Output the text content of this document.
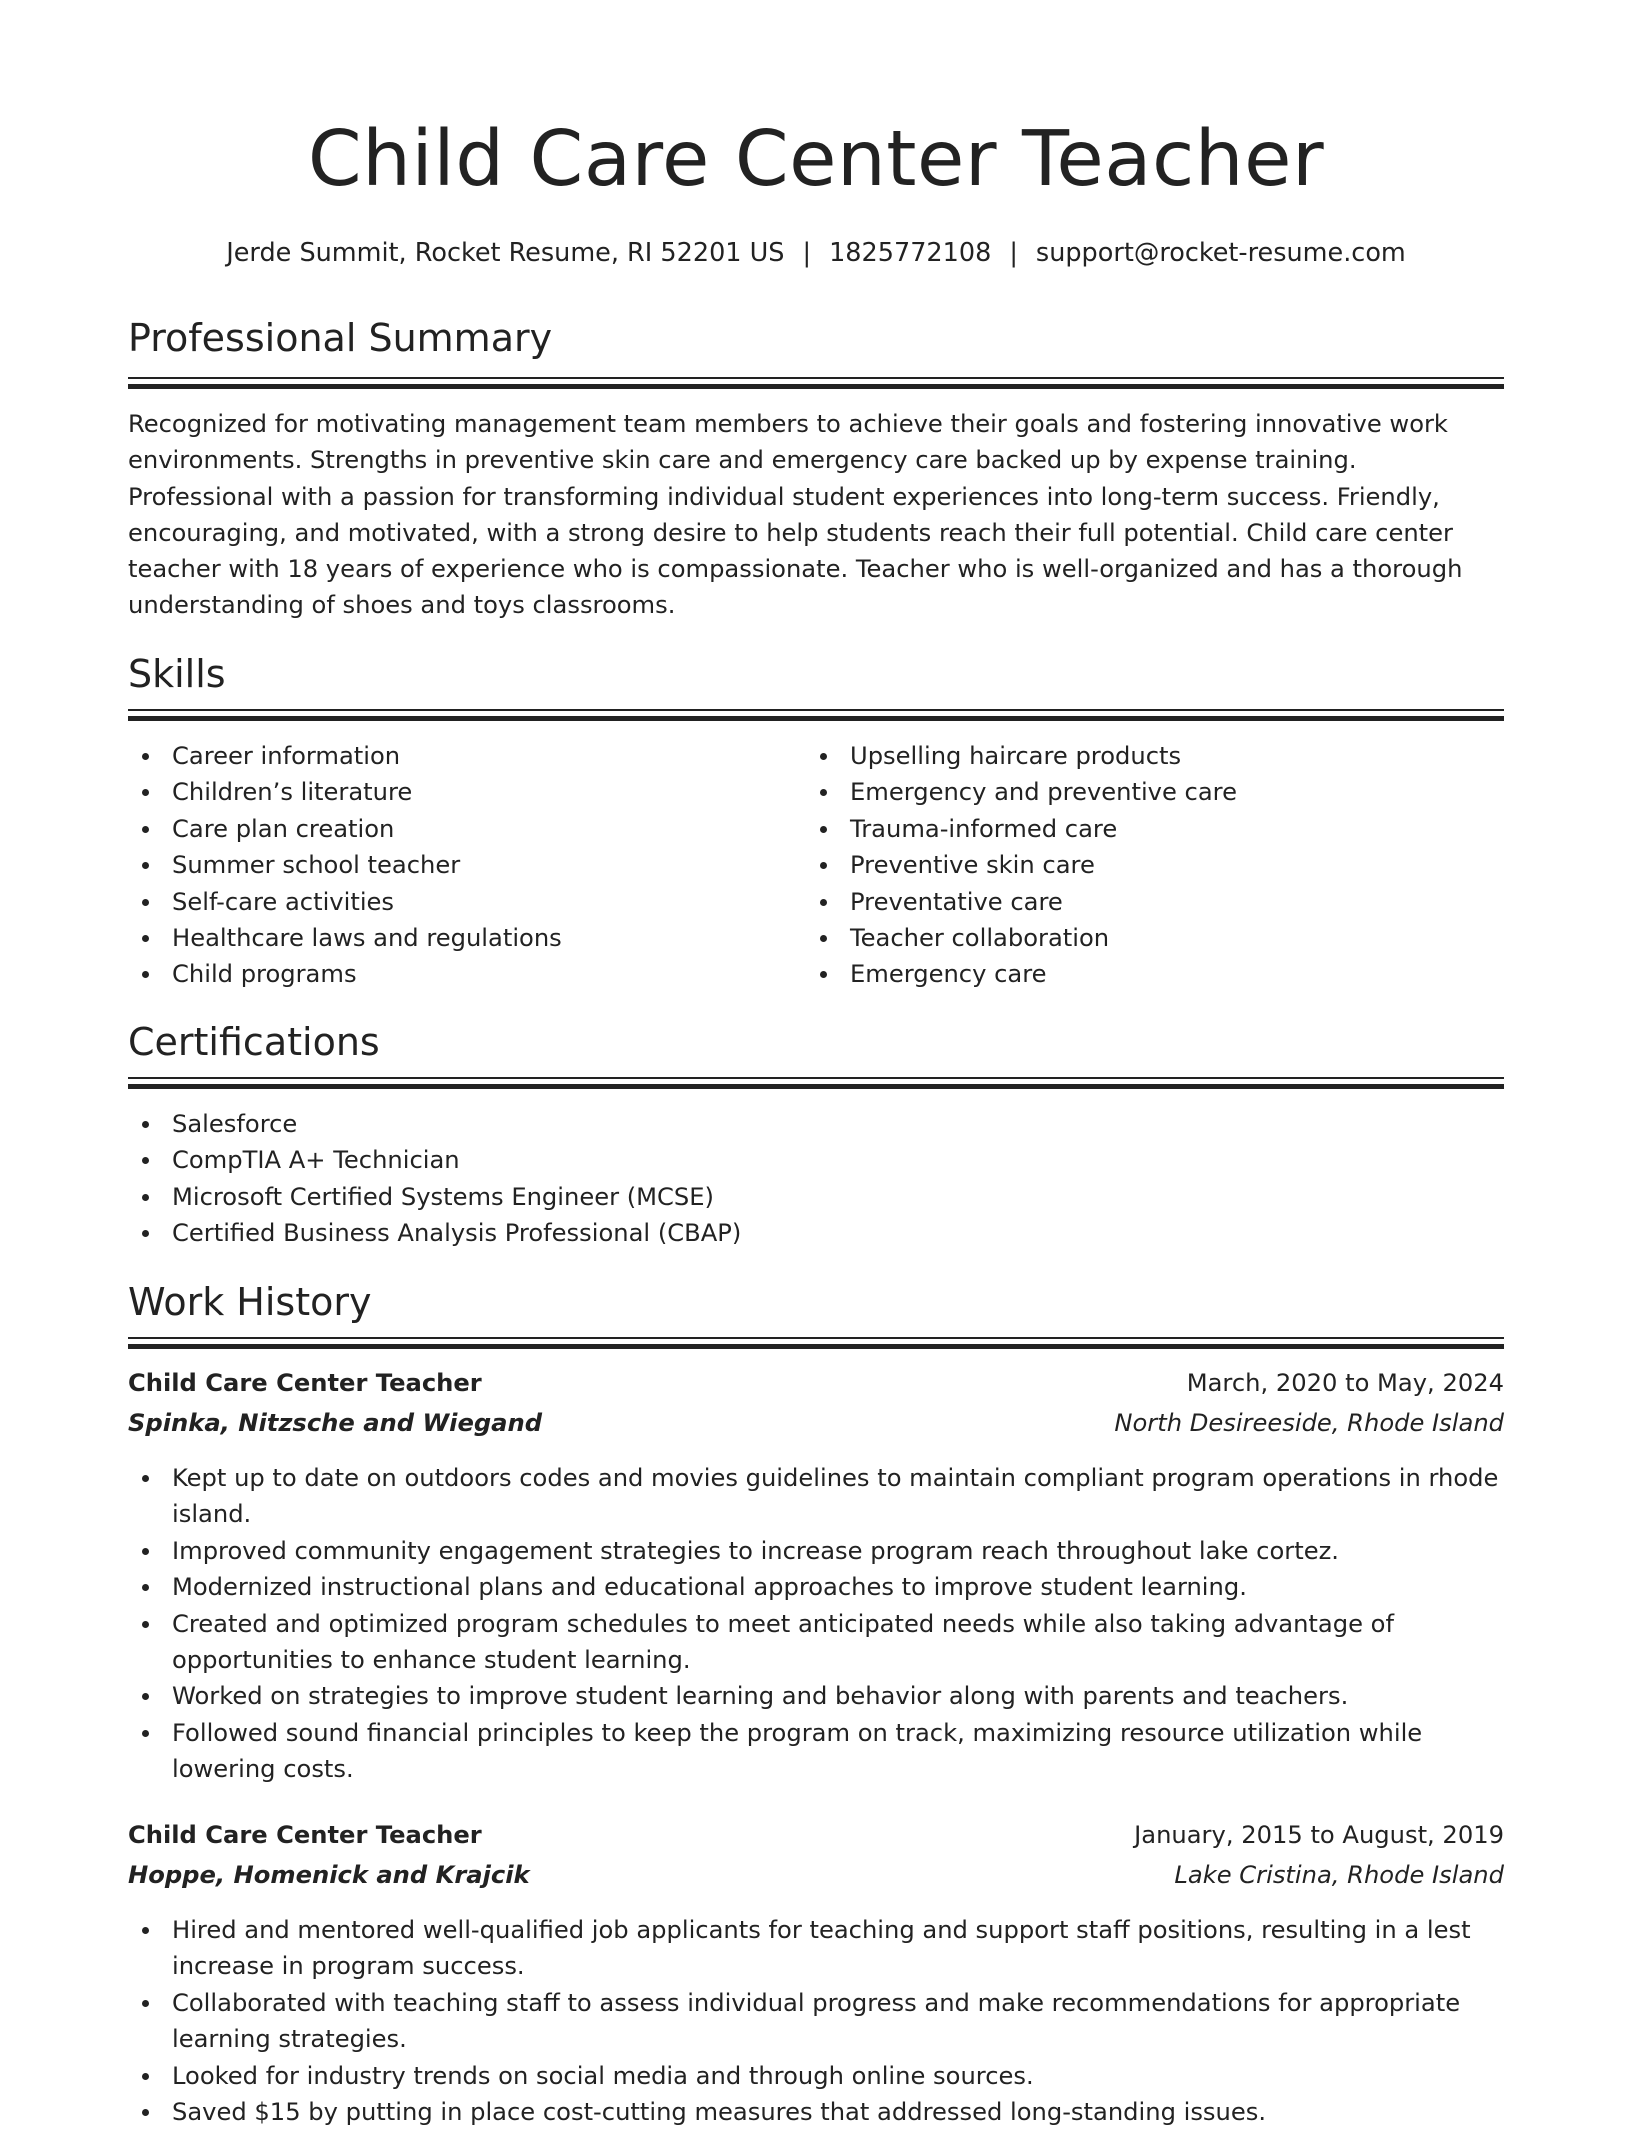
Child Care Center Teacher
Jerde Summit, Rocket Resume, RI 52201 US | 1825772108 | support@rocket-resume.com
Professional Summary

Recognized for motivating management team members to achieve their goals and fostering innovative work environments. Strengths in preventive skin care and emergency care backed up by expense training. Professional with a passion for transforming individual student experiences into long-term success. Friendly, encouraging, and motivated, with a strong desire to help students reach their full potential. Child care center teacher with 18 years of experience who is compassionate. Teacher who is well-organized and has a thorough understanding of shoes and toys classrooms.

Skills
Career information
Children’s literature
Care plan creation
Summer school teacher
Self-care activities
Healthcare laws and regulations
Child programs
Upselling haircare products
Emergency and preventive care
Trauma-informed care
Preventive skin care
Preventative care
Teacher collaboration
Emergency care
Certifications
Salesforce
CompTIA A+ Technician
Microsoft Certified Systems Engineer (MCSE)
Certified Business Analysis Professional (CBAP)
Work History
Child Care Center Teacher	March, 2020 to May, 2024
Spinka, Nitzsche and Wiegand	North Desireeside, Rhode Island
Kept up to date on outdoors codes and movies guidelines to maintain compliant program operations in rhode island.
Improved community engagement strategies to increase program reach throughout lake cortez.
Modernized instructional plans and educational approaches to improve student learning.
Created and optimized program schedules to meet anticipated needs while also taking advantage of opportunities to enhance student learning.
Worked on strategies to improve student learning and behavior along with parents and teachers.
Followed sound financial principles to keep the program on track, maximizing resource utilization while lowering costs.
Child Care Center Teacher	January, 2015 to August, 2019
Hoppe, Homenick and Krajcik	Lake Cristina, Rhode Island
Hired and mentored well-qualified job applicants for teaching and support staff positions, resulting in a lest increase in program success.
Collaborated with teaching staff to assess individual progress and make recommendations for appropriate learning strategies.
Looked for industry trends on social media and through online sources.
Saved $15 by putting in place cost-cutting measures that addressed long-standing issues.
